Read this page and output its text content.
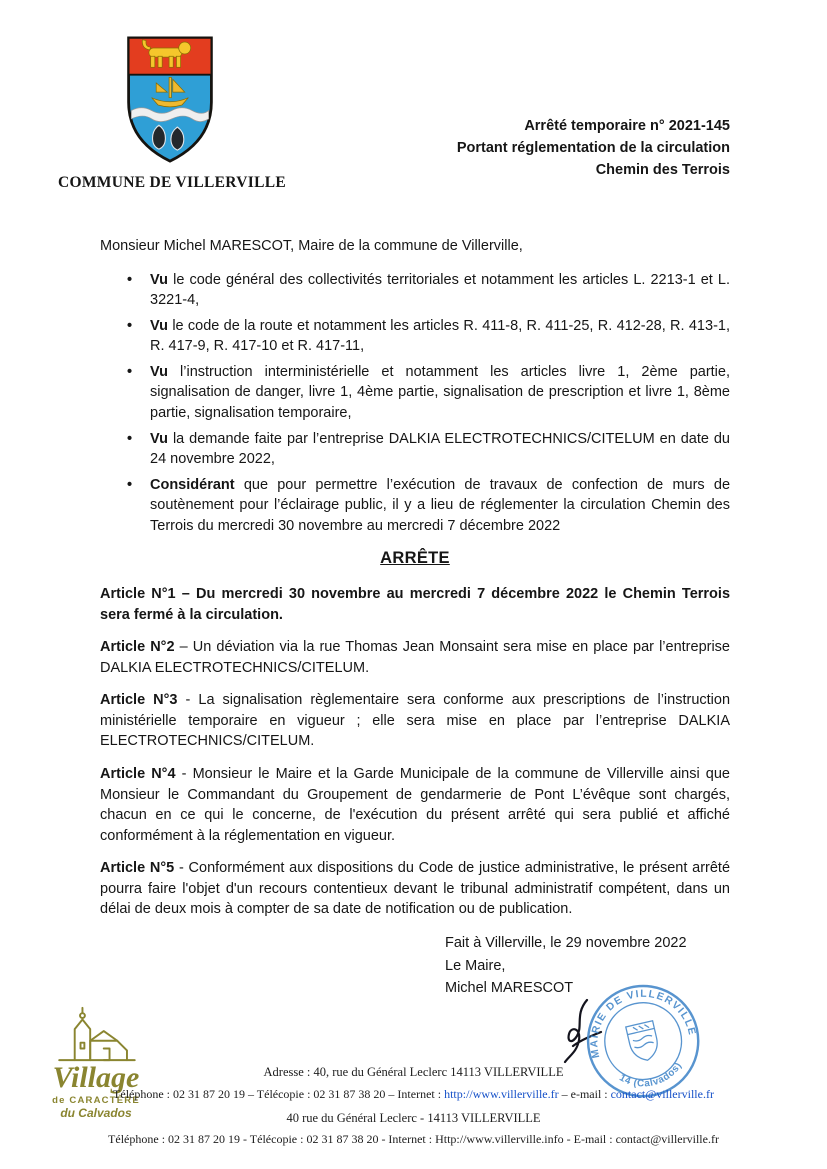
COMMUNE DE VILLERVILLE
Arrêté temporaire n° 2021-145
Portant réglementation de la circulation
Chemin des Terrois

Monsieur Michel MARESCOT, Maire de la commune de Villerville,

• Vu le code général des collectivités territoriales et notamment les articles L. 2213-1 et L. 3221-4,
• Vu le code de la route et notamment les articles R. 411-8, R. 411-25, R. 412-28, R. 413-1, R. 417-9, R. 417-10 et R. 417-11,
• Vu l’instruction interministérielle et notamment les articles livre 1, 2ème partie, signalisation de danger, livre 1, 4ème partie, signalisation de prescription et livre 1, 8ème partie, signalisation temporaire,
• Vu la demande faite par l’entreprise DALKIA ELECTROTECHNICS/CITELUM en date du 24 novembre 2022,
• Considérant que pour permettre l’exécution de travaux de confection de murs de soutènement pour l’éclairage public, il y a lieu de réglementer la circulation Chemin des Terrois du mercredi 30 novembre au mercredi 7 décembre 2022
ARRÊTE

Article N°1 – Du mercredi 30 novembre au mercredi 7 décembre 2022 le Chemin Terrois sera fermé à la circulation.

Article N°2 – Un déviation via la rue Thomas Jean Monsaint sera mise en place par l’entreprise DALKIA ELECTROTECHNICS/CITELUM.

Article N°3 - La signalisation règlementaire sera conforme aux prescriptions de l’instruction ministérielle temporaire en vigueur ; elle sera mise en place par l’entreprise DALKIA ELECTROTECHNICS/CITELUM.

Article N°4 - Monsieur le Maire et la Garde Municipale de la commune de Villerville ainsi que Monsieur le Commandant du Groupement de gendarmerie de Pont L’évêque sont chargés, chacun en ce qui le concerne, de l'exécution du présent arrêté qui sera publié et affiché conformément à la réglementation en vigueur.

Article N°5 - Conformément aux dispositions du Code de justice administrative, le présent arrêté pourra faire l'objet d'un recours contentieux devant le tribunal administratif compétent, dans un délai de deux mois à compter de sa date de notification ou de publication.

Fait à Villerville, le 29 novembre 2022
Le Maire,
Michel MARESCOT
MAIRIE DE VILLERVILLE
14 (Calvados)
Village
de CARACTÈRE
du Calvados
Adresse : 40, rue du Général Leclerc 14113 VILLERVILLE
Téléphone : 02 31 87 20 19 – Télécopie : 02 31 87 38 20 – Internet : http://www.villerville.fr – e-mail : contact@villerville.fr
40 rue du Général Leclerc - 14113 VILLERVILLE
Téléphone : 02 31 87 20 19 - Télécopie : 02 31 87 38 20 - Internet : Http://www.villerville.info - E-mail : contact@villerville.fr
